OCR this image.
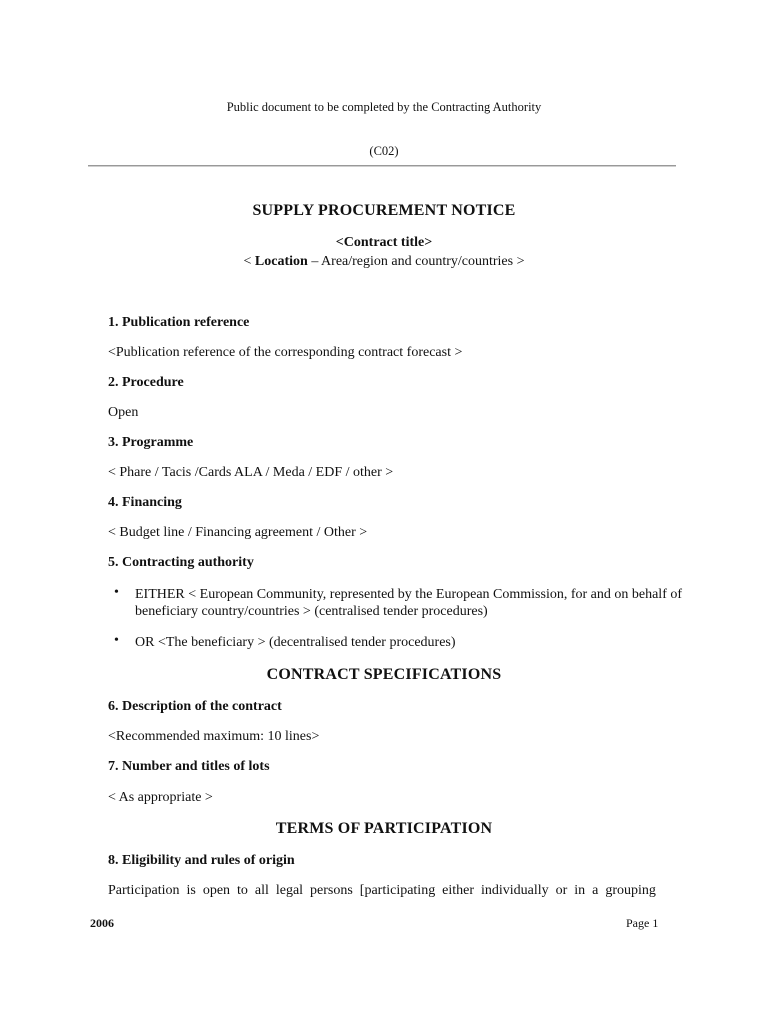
Public document to be completed by the Contracting Authority
(C02)
SUPPLY PROCUREMENT NOTICE
<Contract title>
< Location – Area/region and country/countries >
1. Publication reference
<Publication reference of the corresponding contract forecast >
2. Procedure
Open
3. Programme
< Phare / Tacis /Cards ALA / Meda / EDF / other >
4. Financing
< Budget line / Financing agreement / Other >
5. Contracting authority
• EITHER < European Community, represented by the European Commission, for and on behalf of
beneficiary country/countries > (centralised tender procedures)
• OR <The beneficiary > (decentralised tender procedures)
CONTRACT SPECIFICATIONS
6. Description of the contract
<Recommended maximum: 10 lines>
7. Number and titles of lots
< As appropriate >
TERMS OF PARTICIPATION
8. Eligibility and rules of origin
Participation is open to all legal persons [participating either individually or in a grouping
2006	Page 1
